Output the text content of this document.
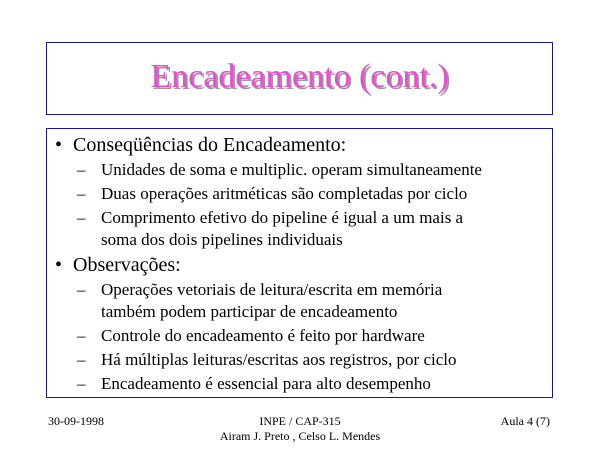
Encadeamento (cont.)
• Conseqüências do Encadeamento:
– Unidades de soma e multiplic. operam simultaneamente
– Duas operações aritméticas são completadas por ciclo
– Comprimento efetivo do pipeline é igual a um mais a
soma dos dois pipelines individuais
• Observações:
– Operações vetoriais de leitura/escrita em memória
também podem participar de encadeamento
– Controle do encadeamento é feito por hardware
– Há múltiplas leituras/escritas aos registros, por ciclo
– Encadeamento é essencial para alto desempenho
30-09-1998	INPE / CAP-315
Airam J. Preto , Celso L. Mendes
Aula 4 (7)
